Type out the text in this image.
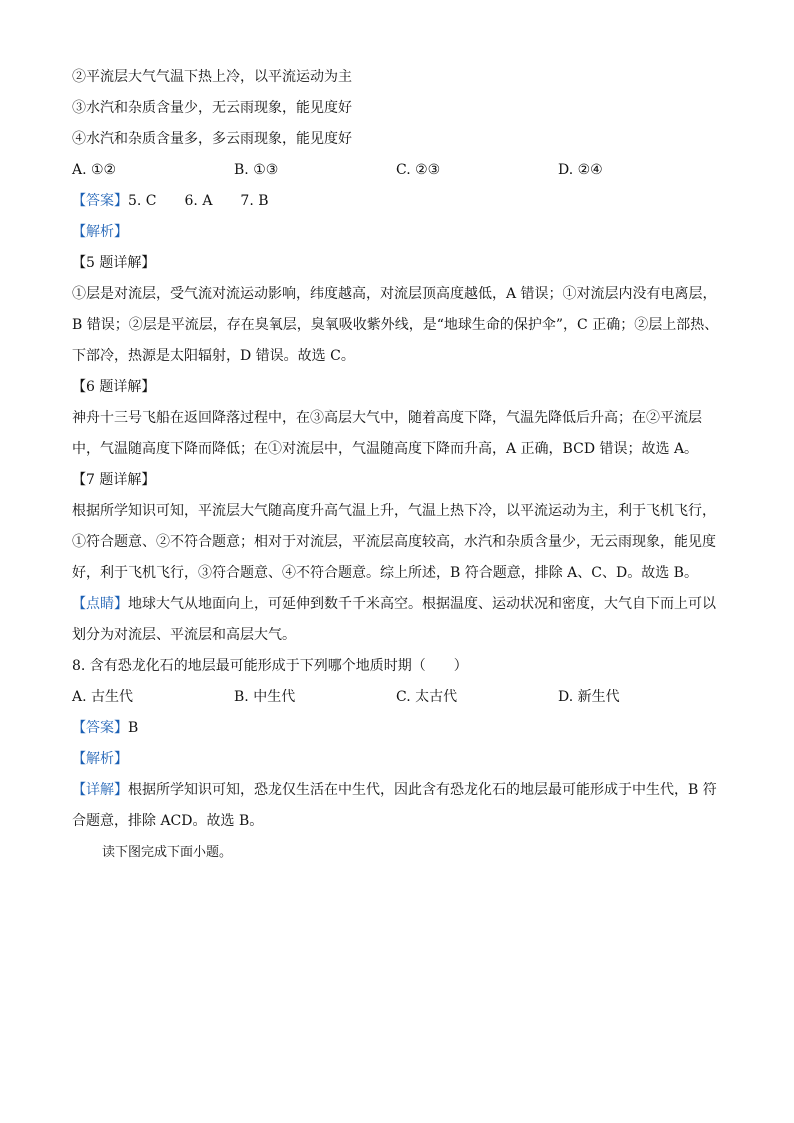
②平流层大气气温下热上冷，以平流运动为主
③水汽和杂质含量少，无云雨现象，能见度好
④水汽和杂质含量多，多云雨现象，能见度好
A. ①②	B. ①③	C. ②③	D. ②④
【答案】5. C　　6. A　　7. B
【解析】
【5 题详解】
①层是对流层，受气流对流运动影响，纬度越高，对流层顶高度越低，A 错误；①对流层内没有电离层，
B 错误；②层是平流层，存在臭氧层，臭氧吸收紫外线，是“地球生命的保护伞”，C 正确；②层上部热、
下部冷，热源是太阳辐射，D 错误。故选 C。
【6 题详解】
神舟十三号飞船在返回降落过程中，在③高层大气中，随着高度下降，气温先降低后升高；在②平流层
中，气温随高度下降而降低；在①对流层中，气温随高度下降而升高，A 正确，BCD 错误；故选 A。
【7 题详解】
根据所学知识可知，平流层大气随高度升高气温上升，气温上热下冷，以平流运动为主，利于飞机飞行，
①符合题意、②不符合题意；相对于对流层，平流层高度较高，水汽和杂质含量少，无云雨现象，能见度
好，利于飞机飞行，③符合题意、④不符合题意。综上所述，B 符合题意，排除 A、C、D。故选 B。
【点睛】地球大气从地面向上，可延伸到数千千米高空。根据温度、运动状况和密度，大气自下而上可以
划分为对流层、平流层和高层大气。
8. 含有恐龙化石的地层最可能形成于下列哪个地质时期（　　）
A. 古生代	B. 中生代	C. 太古代	D. 新生代
【答案】B
【解析】
【详解】根据所学知识可知，恐龙仅生活在中生代，因此含有恐龙化石的地层最可能形成于中生代，B 符
合题意，排除 ACD。故选 B。
读下图完成下面小题。
